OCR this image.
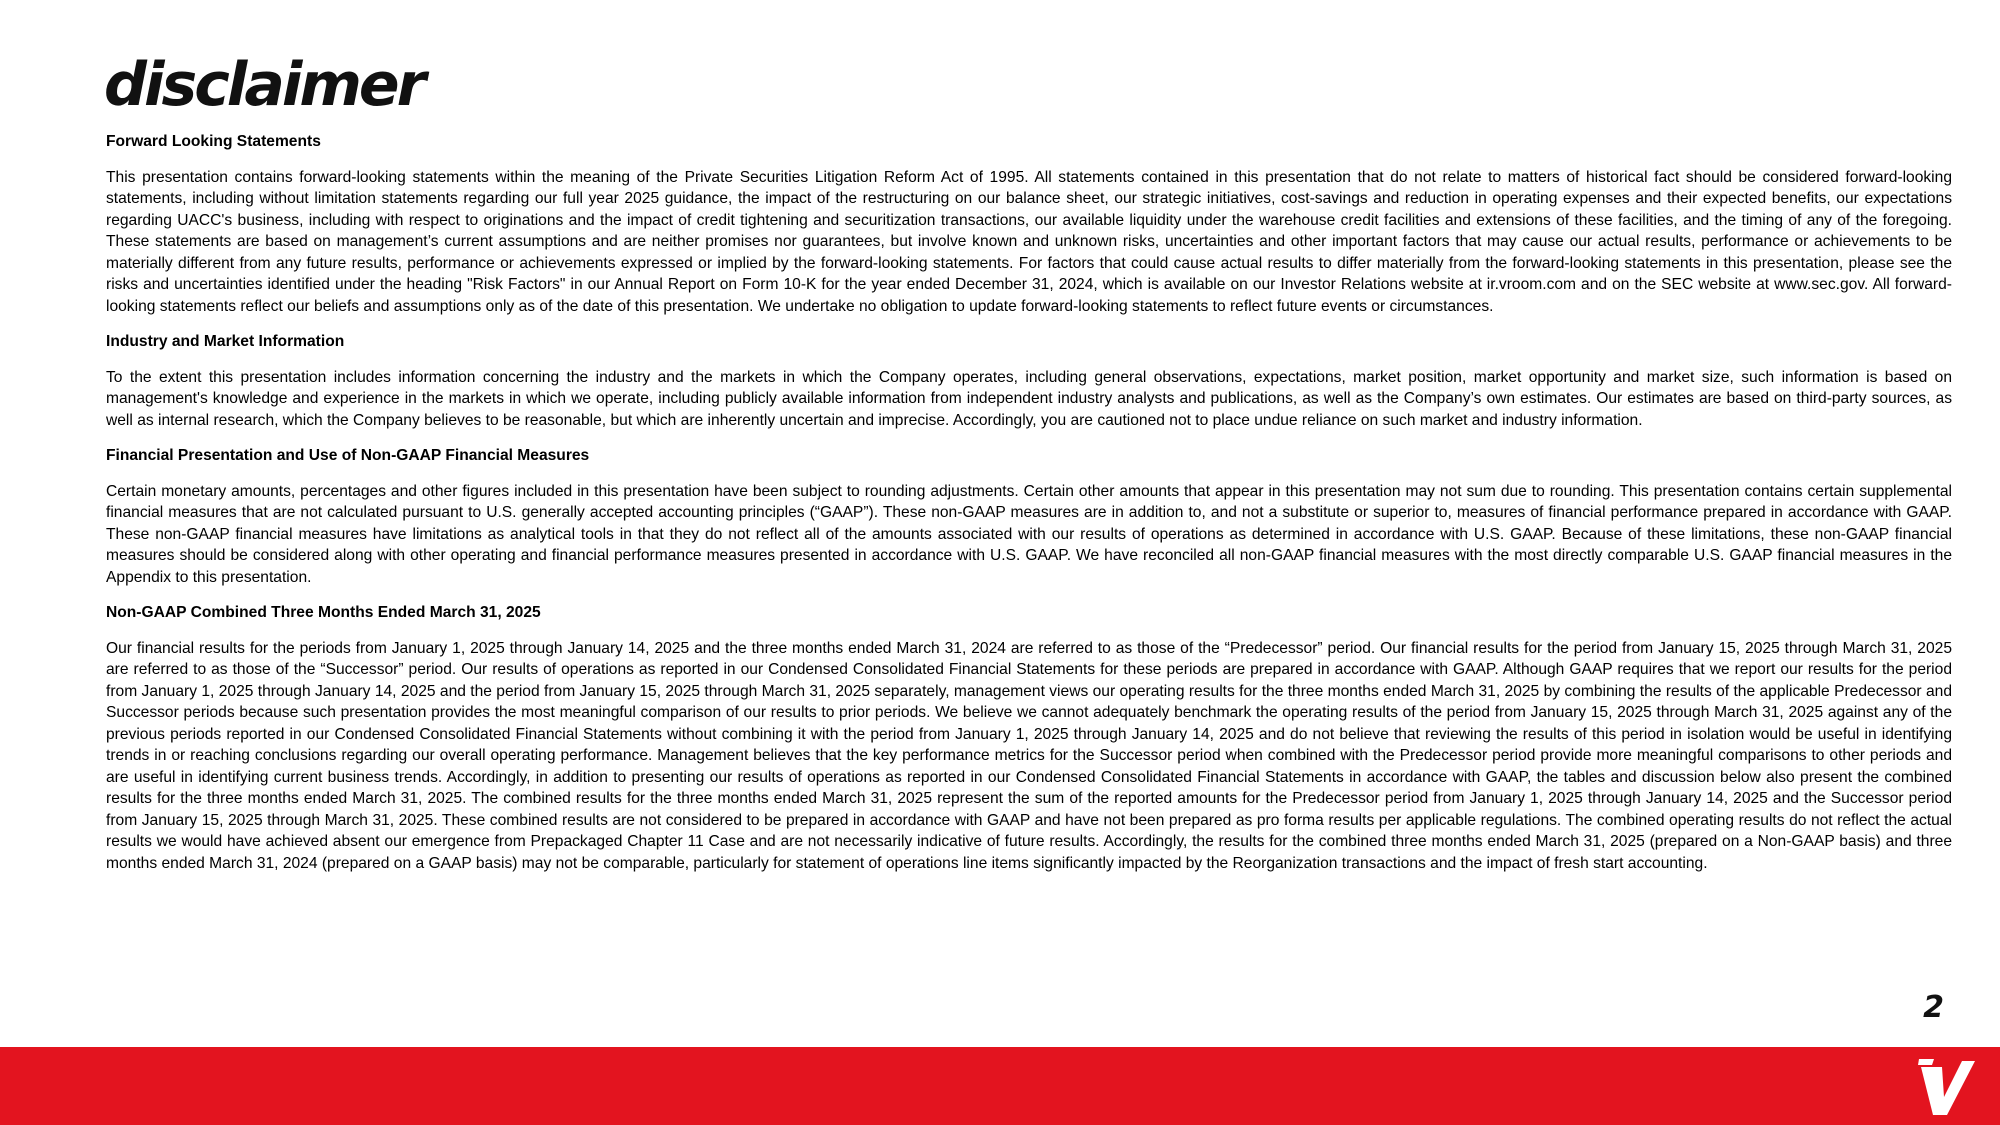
disclaimer

Forward Looking Statements

This presentation contains forward-looking statements within the meaning of the Private Securities Litigation Reform Act of 1995. All statements contained in this presentation that do not relate to matters of historical fact should be considered forward-looking statements, including without limitation statements regarding our full year 2025 guidance, the impact of the restructuring on our balance sheet, our strategic initiatives, cost-savings and reduction in operating expenses and their expected benefits, our expectations regarding UACC's business, including with respect to originations and the impact of credit tightening and securitization transactions, our available liquidity under the warehouse credit facilities and extensions of these facilities, and the timing of any of the foregoing. These statements are based on management’s current assumptions and are neither promises nor guarantees, but involve known and unknown risks, uncertainties and other important factors that may cause our actual results, performance or achievements to be materially different from any future results, performance or achievements expressed or implied by the forward-looking statements. For factors that could cause actual results to differ materially from the forward-looking statements in this presentation, please see the risks and uncertainties identified under the heading "Risk Factors" in our Annual Report on Form 10-K for the year ended December 31, 2024, which is available on our Investor Relations website at ir.vroom.com and on the SEC website at www.sec.gov. All forward-looking statements reflect our beliefs and assumptions only as of the date of this presentation. We undertake no obligation to update forward-looking statements to reflect future events or circumstances.

Industry and Market Information

To the extent this presentation includes information concerning the industry and the markets in which the Company operates, including general observations, expectations, market position, market opportunity and market size, such information is based on management's knowledge and experience in the markets in which we operate, including publicly available information from independent industry analysts and publications, as well as the Company’s own estimates. Our estimates are based on third-party sources, as well as internal research, which the Company believes to be reasonable, but which are inherently uncertain and imprecise. Accordingly, you are cautioned not to place undue reliance on such market and industry information.

Financial Presentation and Use of Non-GAAP Financial Measures

Certain monetary amounts, percentages and other figures included in this presentation have been subject to rounding adjustments. Certain other amounts that appear in this presentation may not sum due to rounding. This presentation contains certain supplemental financial measures that are not calculated pursuant to U.S. generally accepted accounting principles (“GAAP”). These non-GAAP measures are in addition to, and not a substitute or superior to, measures of financial performance prepared in accordance with GAAP. These non-GAAP financial measures have limitations as analytical tools in that they do not reflect all of the amounts associated with our results of operations as determined in accordance with U.S. GAAP. Because of these limitations, these non-GAAP financial measures should be considered along with other operating and financial performance measures presented in accordance with U.S. GAAP. We have reconciled all non-GAAP financial measures with the most directly comparable U.S. GAAP financial measures in the Appendix to this presentation.

Non-GAAP Combined Three Months Ended March 31, 2025

Our financial results for the periods from January 1, 2025 through January 14, 2025 and the three months ended March 31, 2024 are referred to as those of the “Predecessor” period. Our financial results for the period from January 15, 2025 through March 31, 2025 are referred to as those of the “Successor” period. Our results of operations as reported in our Condensed Consolidated Financial Statements for these periods are prepared in accordance with GAAP. Although GAAP requires that we report our results for the period from January 1, 2025 through January 14, 2025 and the period from January 15, 2025 through March 31, 2025 separately, management views our operating results for the three months ended March 31, 2025 by combining the results of the applicable Predecessor and Successor periods because such presentation provides the most meaningful comparison of our results to prior periods. We believe we cannot adequately benchmark the operating results of the period from January 15, 2025 through March 31, 2025 against any of the previous periods reported in our Condensed Consolidated Financial Statements without combining it with the period from January 1, 2025 through January 14, 2025 and do not believe that reviewing the results of this period in isolation would be useful in identifying trends in or reaching conclusions regarding our overall operating performance. Management believes that the key performance metrics for the Successor period when combined with the Predecessor period provide more meaningful comparisons to other periods and are useful in identifying current business trends. Accordingly, in addition to presenting our results of operations as reported in our Condensed Consolidated Financial Statements in accordance with GAAP, the tables and discussion below also present the combined results for the three months ended March 31, 2025. The combined results for the three months ended March 31, 2025 represent the sum of the reported amounts for the Predecessor period from January 1, 2025 through January 14, 2025 and the Successor period from January 15, 2025 through March 31, 2025. These combined results are not considered to be prepared in accordance with GAAP and have not been prepared as pro forma results per applicable regulations. The combined operating results do not reflect the actual results we would have achieved absent our emergence from Prepackaged Chapter 11 Case and are not necessarily indicative of future results. Accordingly, the results for the combined three months ended March 31, 2025 (prepared on a Non-GAAP basis) and three months ended March 31, 2024 (prepared on a GAAP basis) may not be comparable, particularly for statement of operations line items significantly impacted by the Reorganization transactions and the impact of fresh start accounting.

2
